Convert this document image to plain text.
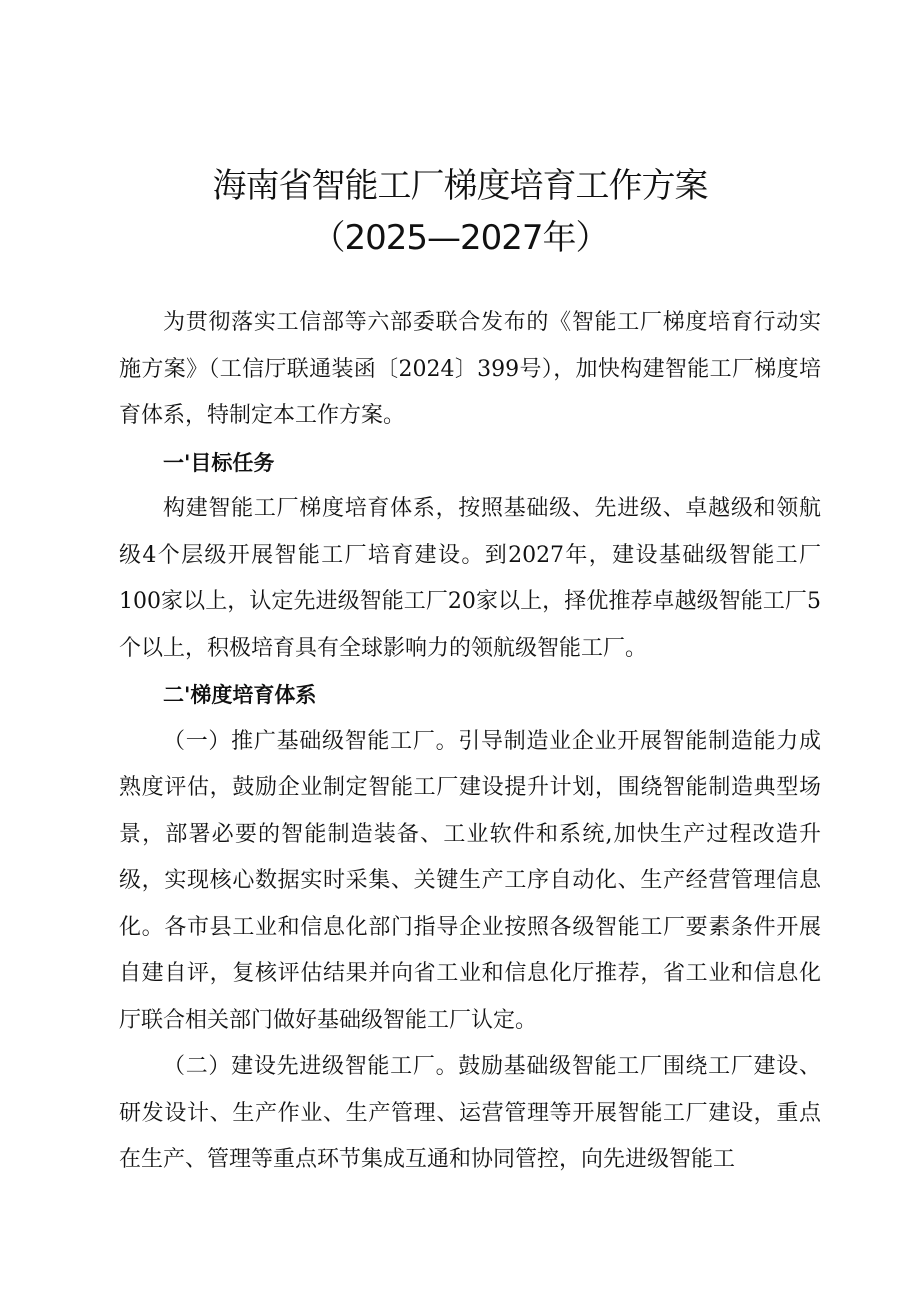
海南省智能工厂梯度培育工作方案
（2025—2027年）

为贯彻落实工信部等六部委联合发布的《智能工厂梯度培育行动实施方案》（工信厅联通装函〔2024〕399号），加快构建智能工厂梯度培育体系，特制定本工作方案。

一'目标任务

构建智能工厂梯度培育体系，按照基础级、先进级、卓越级和领航级4个层级开展智能工厂培育建设。到2027年，建设基础级智能工厂100家以上，认定先进级智能工厂20家以上，择优推荐卓越级智能工厂5个以上，积极培育具有全球影响力的领航级智能工厂。

二'梯度培育体系

（一）推广基础级智能工厂。引导制造业企业开展智能制造能力成熟度评估，鼓励企业制定智能工厂建设提升计划，围绕智能制造典型场景，部署必要的智能制造装备、工业软件和系统,加快生产过程改造升级，实现核心数据实时采集、关键生产工序自动化、生产经营管理信息化。各市县工业和信息化部门指导企业按照各级智能工厂要素条件开展自建自评，复核评估结果并向省工业和信息化厅推荐，省工业和信息化厅联合相关部门做好基础级智能工厂认定。

（二）建设先进级智能工厂。鼓励基础级智能工厂围绕工厂建设、研发设计、生产作业、生产管理、运营管理等开展智能工厂建设，重点在生产、管理等重点环节集成互通和协同管控，向先进级智能工
